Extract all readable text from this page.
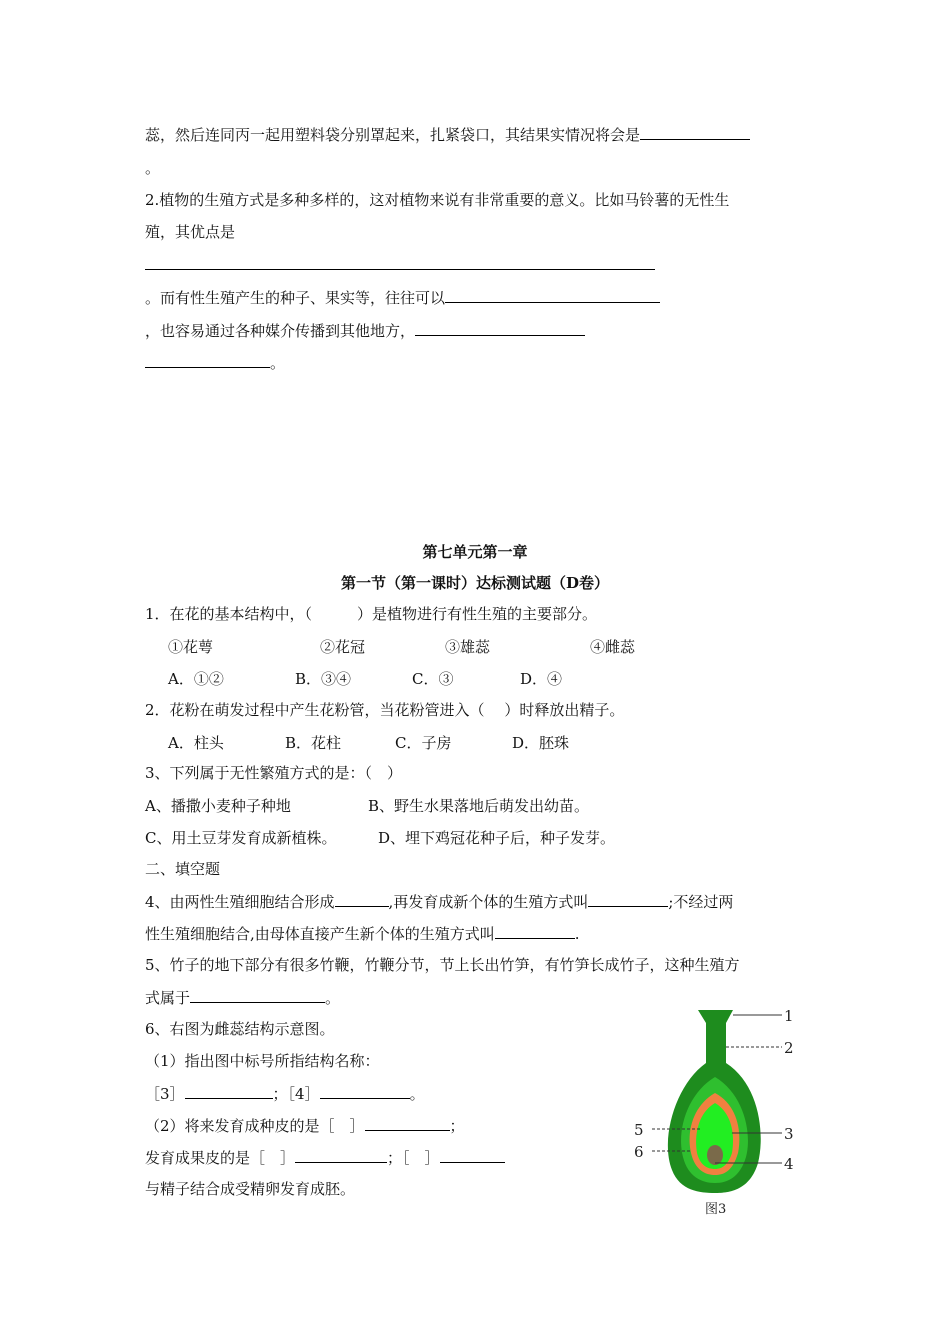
蕊，然后连同丙一起用塑料袋分别罩起来，扎紧袋口，其结果实情况将会是
。
2.植物的生殖方式是多种多样的，这对植物来说有非常重要的意义。比如马铃薯的无性生
殖，其优点是
。而有性生殖产生的种子、果实等，往往可以
，也容易通过各种媒介传播到其他地方，
。
第七单元第一章
第一节（第一课时）达标测试题（D卷）
1．在花的基本结构中，（　　　）是植物进行有性生殖的主要部分。
①花萼	②花冠	③雄蕊	④雌蕊
A．①②	B．③④	C．③	D．④
2．花粉在萌发过程中产生花粉管，当花粉管进入（　 ）时释放出精子。
A．柱头	B．花柱	C．子房	D．胚珠
3、下列属于无性繁殖方式的是：（　）
A、播撒小麦种子种地	B、野生水果落地后萌发出幼苗。
C、用土豆芽发育成新植株。	D、埋下鸡冠花种子后，种子发芽。
二、填空题
4、由两性生殖细胞结合形成	,再发育成新个体的生殖方式叫	;不经过两
性生殖细胞结合,由母体直接产生新个体的生殖方式叫	.
5、竹子的地下部分有很多竹鞭，竹鞭分节，节上长出竹笋，有竹笋长成竹子，这种生殖方
式属于	。
6、右图为雌蕊结构示意图。
（1）指出图中标号所指结构名称：
［3］	；［4］	。
（2）将来发育成种皮的是［　］	；
发育成果皮的是［　］	；［　］
与精子结合成受精卵发育成胚。
1
2
3
4
5
6
图3
